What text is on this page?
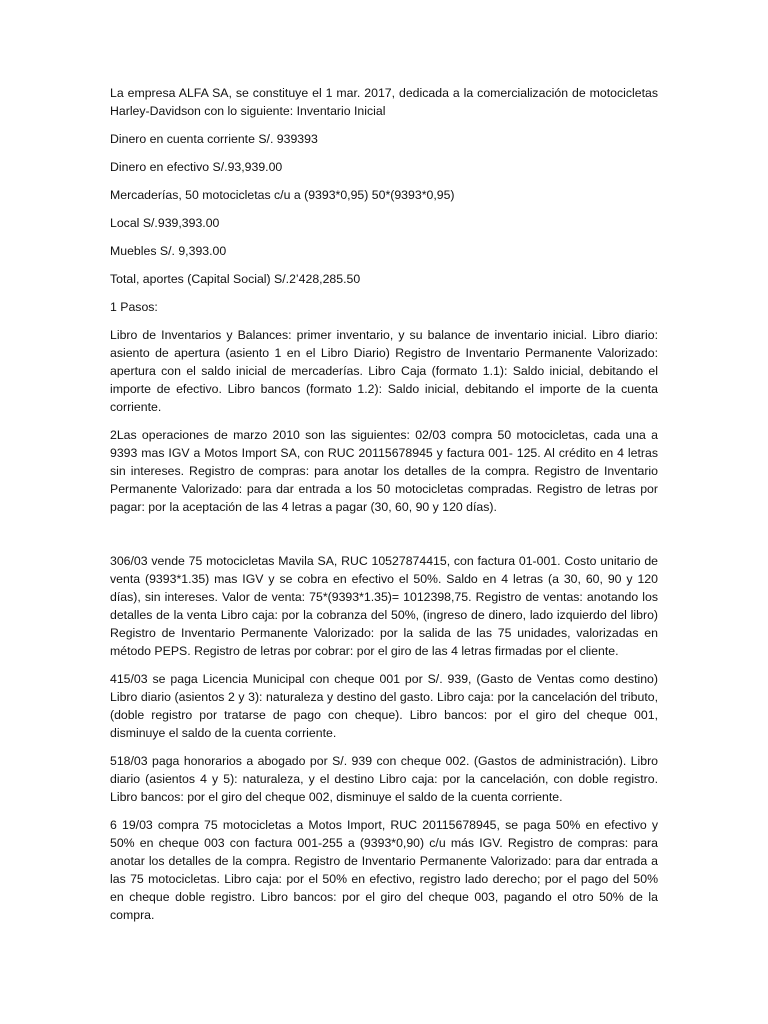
La empresa ALFA SA, se constituye el 1 mar. 2017, dedicada a la comercialización de motocicletas Harley-Davidson con lo siguiente: Inventario Inicial

Dinero en cuenta corriente S/. 939393

Dinero en efectivo S/.93,939.00

Mercaderías, 50 motocicletas c/u a (9393*0,95) 50*(9393*0,95)

Local S/.939,393.00

Muebles S/. 9,393.00

Total, aportes (Capital Social) S/.2’428,285.50

1 Pasos:

Libro de Inventarios y Balances: primer inventario, y su balance de inventario inicial. Libro diario: asiento de apertura (asiento 1 en el Libro Diario) Registro de Inventario Permanente Valorizado: apertura con el saldo inicial de mercaderías. Libro Caja (formato 1.1): Saldo inicial, debitando el importe de efectivo. Libro bancos (formato 1.2): Saldo inicial, debitando el importe de la cuenta corriente.

2Las operaciones de marzo 2010 son las siguientes: 02/03 compra 50 motocicletas, cada una a 9393 mas IGV a Motos Import SA, con RUC 20115678945 y factura 001- 125. Al crédito en 4 letras sin intereses. Registro de compras: para anotar los detalles de la compra. Registro de Inventario Permanente Valorizado: para dar entrada a los 50 motocicletas compradas. Registro de letras por pagar: por la aceptación de las 4 letras a pagar (30, 60, 90 y 120 días).

306/03 vende 75 motocicletas Mavila SA, RUC 10527874415, con factura 01-001. Costo unitario de venta (9393*1.35) mas IGV y se cobra en efectivo el 50%. Saldo en 4 letras (a 30, 60, 90 y 120 días), sin intereses. Valor de venta: 75*(9393*1.35)= 1012398,75. Registro de ventas: anotando los detalles de la venta Libro caja: por la cobranza del 50%, (ingreso de dinero, lado izquierdo del libro) Registro de Inventario Permanente Valorizado: por la salida de las 75 unidades, valorizadas en método PEPS. Registro de letras por cobrar: por el giro de las 4 letras firmadas por el cliente.

415/03 se paga Licencia Municipal con cheque 001 por S/. 939, (Gasto de Ventas como destino) Libro diario (asientos 2 y 3): naturaleza y destino del gasto. Libro caja: por la cancelación del tributo, (doble registro por tratarse de pago con cheque). Libro bancos: por el giro del cheque 001, disminuye el saldo de la cuenta corriente.

518/03 paga honorarios a abogado por S/. 939 con cheque 002. (Gastos de administración). Libro diario (asientos 4 y 5): naturaleza, y el destino Libro caja: por la cancelación, con doble registro. Libro bancos: por el giro del cheque 002, disminuye el saldo de la cuenta corriente.

6 19/03 compra 75 motocicletas a Motos Import, RUC 20115678945, se paga 50% en efectivo y 50% en cheque 003 con factura 001-255 a (9393*0,90) c/u más IGV. Registro de compras: para anotar los detalles de la compra. Registro de Inventario Permanente Valorizado: para dar entrada a las 75 motocicletas. Libro caja: por el 50% en efectivo, registro lado derecho; por el pago del 50% en cheque doble registro. Libro bancos: por el giro del cheque 003, pagando el otro 50% de la compra.
